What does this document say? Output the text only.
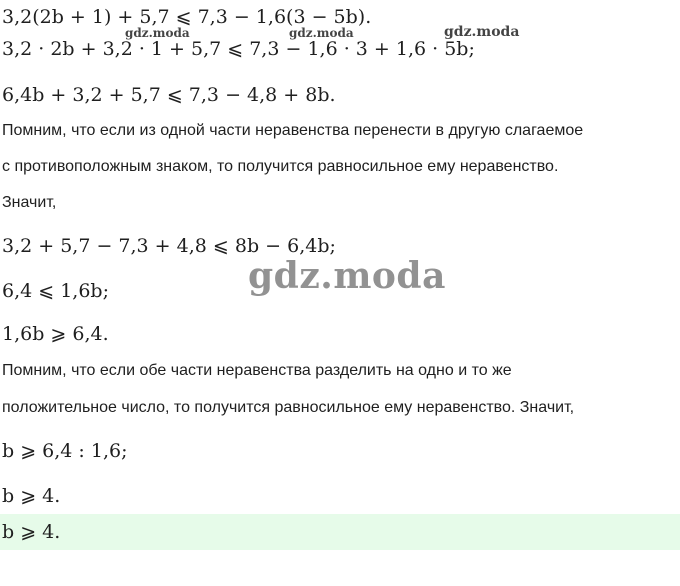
3,2(2b + 1) + 5,7 ⩽ 7,3 − 1,6(3 − 5b).
gdz.moda	gdz.moda	gdz.moda
3,2 · 2b + 3,2 · 1 + 5,7 ⩽ 7,3 − 1,6 · 3 + 1,6 · 5b;
6,4b + 3,2 + 5,7 ⩽ 7,3 − 4,8 + 8b.
Помним, что если из одной части неравенства перенести в другую слагаемое
с противоположным знаком, то получится равносильное ему неравенство.
Значит,
3,2 + 5,7 − 7,3 + 4,8 ⩽ 8b − 6,4b;
gdz.moda
6,4 ⩽ 1,6b;
1,6b ⩾ 6,4.
Помним, что если обе части неравенства разделить на одно и то же
положительное число, то получится равносильное ему неравенство. Значит,
b ⩾ 6,4 : 1,6;
b ⩾ 4.
b ⩾ 4.
